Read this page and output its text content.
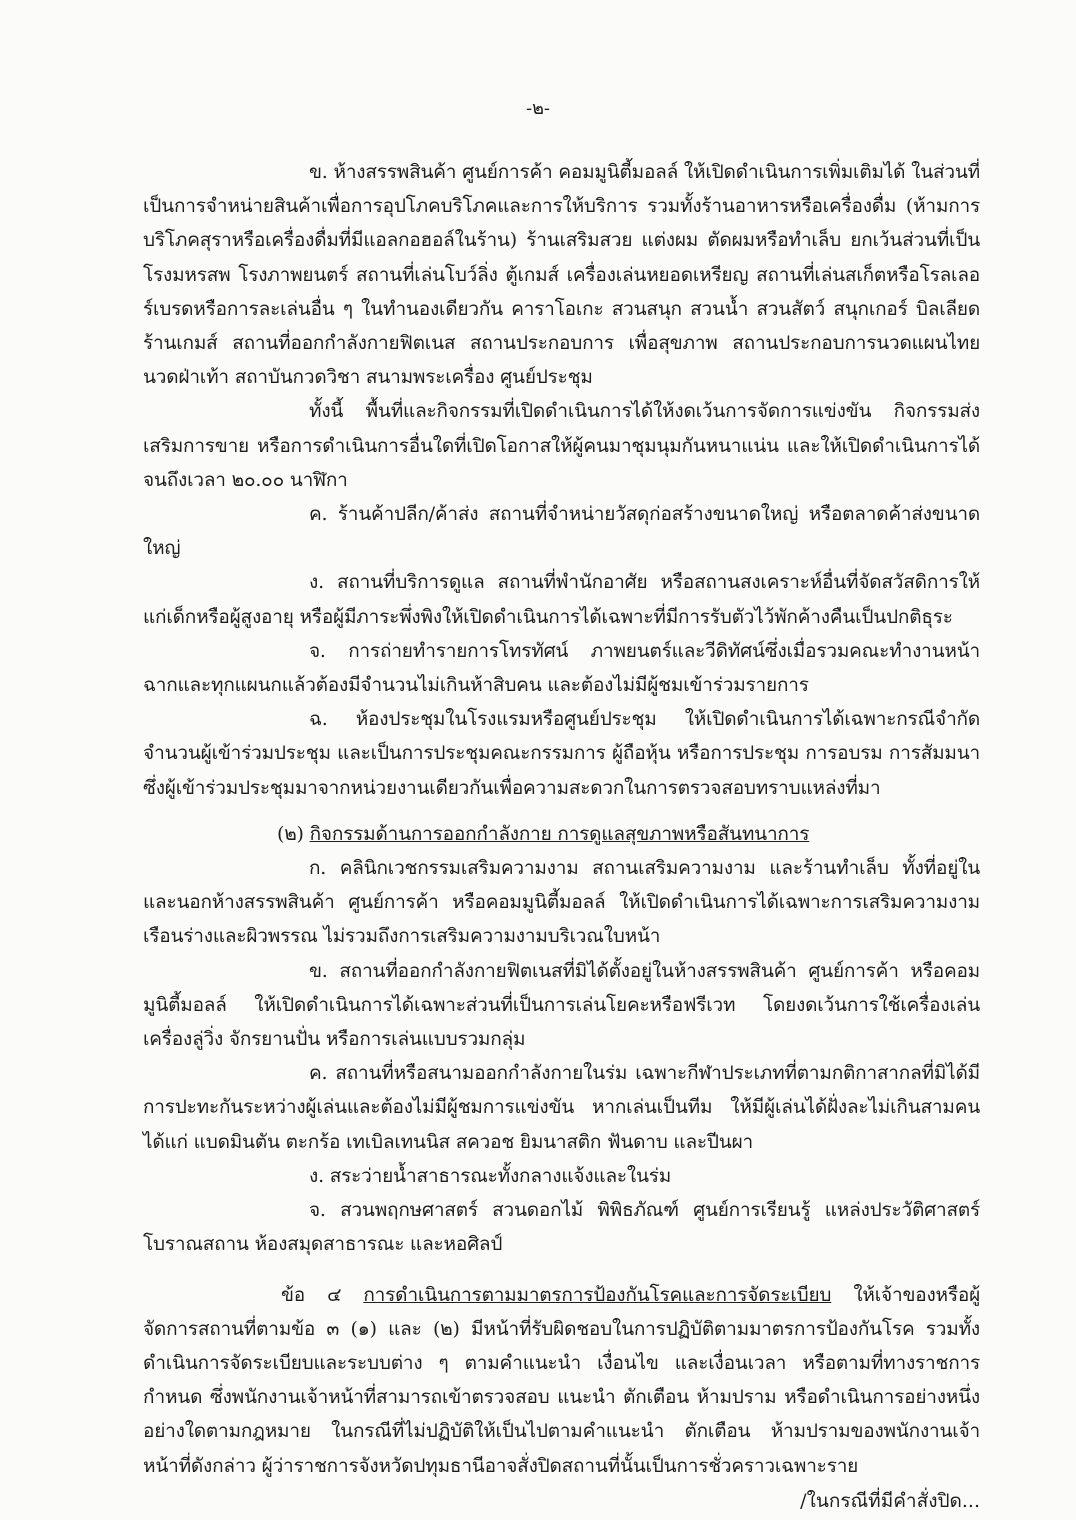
-๒-

ข. ห้างสรรพสินค้า ศูนย์การค้า คอมมูนิตี้มอลล์ ให้เปิดดำเนินการเพิ่มเติมได้ ในส่วนที่เป็นการจำหน่ายสินค้าเพื่อการอุปโภคบริโภคและการให้บริการ รวมทั้งร้านอาหารหรือเครื่องดื่ม (ห้ามการบริโภคสุราหรือเครื่องดื่มที่มีแอลกอฮอล์ในร้าน) ร้านเสริมสวย แต่งผม ตัดผมหรือทำเล็บ ยกเว้นส่วนที่เป็นโรงมหรสพ โรงภาพยนตร์ สถานที่เล่นโบว์ลิ่ง ตู้เกมส์ เครื่องเล่นหยอดเหรียญ สถานที่เล่นสเก็ตหรือโรลเลอร์เบรดหรือการละเล่นอื่น ๆ ในทำนองเดียวกัน คาราโอเกะ สวนสนุก สวนน้ำ สวนสัตว์ สนุกเกอร์ บิลเลียด ร้านเกมส์ สถานที่ออกกำลังกายฟิตเนส สถานประกอบการ เพื่อสุขภาพ สถานประกอบการนวดแผนไทย นวดฝ่าเท้า สถาบันกวดวิชา สนามพระเครื่อง ศูนย์ประชุม

ทั้งนี้ พื้นที่และกิจกรรมที่เปิดดำเนินการได้ให้งดเว้นการจัดการแข่งขัน กิจกรรมส่งเสริมการขาย หรือการดำเนินการอื่นใดที่เปิดโอกาสให้ผู้คนมาชุมนุมกันหนาแน่น และให้เปิดดำเนินการได้จนถึงเวลา ๒๐.๐๐ นาฬิกา

ค. ร้านค้าปลีก/ค้าส่ง สถานที่จำหน่ายวัสดุก่อสร้างขนาดใหญ่ หรือตลาดค้าส่งขนาดใหญ่

ง. สถานที่บริการดูแล สถานที่พำนักอาศัย หรือสถานสงเคราะห์อื่นที่จัดสวัสดิการให้แก่เด็กหรือผู้สูงอายุ หรือผู้มีภาระพึ่งพิงให้เปิดดำเนินการได้เฉพาะที่มีการรับตัวไว้พักค้างคืนเป็นปกติธุระ

จ. การถ่ายทำรายการโทรทัศน์ ภาพยนตร์และวีดิทัศน์ซึ่งเมื่อรวมคณะทำงานหน้าฉากและทุกแผนกแล้วต้องมีจำนวนไม่เกินห้าสิบคน และต้องไม่มีผู้ชมเข้าร่วมรายการ

ฉ. ห้องประชุมในโรงแรมหรือศูนย์ประชุม ให้เปิดดำเนินการได้เฉพาะกรณีจำกัดจำนวนผู้เข้าร่วมประชุม และเป็นการประชุมคณะกรรมการ ผู้ถือหุ้น หรือการประชุม การอบรม การสัมมนา ซึ่งผู้เข้าร่วมประชุมมาจากหน่วยงานเดียวกันเพื่อความสะดวกในการตรวจสอบทราบแหล่งที่มา

(๒) กิจกรรมด้านการออกกำลังกาย การดูแลสุขภาพหรือสันทนาการ

ก. คลินิกเวชกรรมเสริมความงาม สถานเสริมความงาม และร้านทำเล็บ ทั้งที่อยู่ในและนอกห้างสรรพสินค้า ศูนย์การค้า หรือคอมมูนิตี้มอลล์ ให้เปิดดำเนินการได้เฉพาะการเสริมความงามเรือนร่างและผิวพรรณ ไม่รวมถึงการเสริมความงามบริเวณใบหน้า

ข. สถานที่ออกกำลังกายฟิตเนสที่มิได้ตั้งอยู่ในห้างสรรพสินค้า ศูนย์การค้า หรือคอมมูนิตี้มอลล์ ให้เปิดดำเนินการได้เฉพาะส่วนที่เป็นการเล่นโยคะหรือฟรีเวท โดยงดเว้นการใช้เครื่องเล่น เครื่องลู่วิ่ง จักรยานปั่น หรือการเล่นแบบรวมกลุ่ม

ค. สถานที่หรือสนามออกกำลังกายในร่ม เฉพาะกีฬาประเภทที่ตามกติกาสากลที่มิได้มีการปะทะกันระหว่างผู้เล่นและต้องไม่มีผู้ชมการแข่งขัน หากเล่นเป็นทีม ให้มีผู้เล่นได้ฝั่งละไม่เกินสามคน ได้แก่ แบดมินตัน ตะกร้อ เทเบิลเทนนิส สควอช ยิมนาสติก ฟันดาบ และปีนผา

ง. สระว่ายน้ำสาธารณะทั้งกลางแจ้งและในร่ม

จ. สวนพฤกษศาสตร์ สวนดอกไม้ พิพิธภัณฑ์ ศูนย์การเรียนรู้ แหล่งประวัติศาสตร์ โบราณสถาน ห้องสมุดสาธารณะ และหอศิลป์

ข้อ ๔ การดำเนินการตามมาตรการป้องกันโรคและการจัดระเบียบ ให้เจ้าของหรือผู้จัดการสถานที่ตามข้อ ๓ (๑) และ (๒) มีหน้าที่รับผิดชอบในการปฏิบัติตามมาตรการป้องกันโรค รวมทั้งดำเนินการจัดระเบียบและระบบต่าง ๆ ตามคำแนะนำ เงื่อนไข และเงื่อนเวลา หรือตามที่ทางราชการกำหนด ซึ่งพนักงานเจ้าหน้าที่สามารถเข้าตรวจสอบ แนะนำ ตักเตือน ห้ามปราม หรือดำเนินการอย่างหนึ่งอย่างใดตามกฎหมาย ในกรณีที่ไม่ปฏิบัติให้เป็นไปตามคำแนะนำ ตักเตือน ห้ามปรามของพนักงานเจ้าหน้าที่ดังกล่าว ผู้ว่าราชการจังหวัดปทุมธานีอาจสั่งปิดสถานที่นั้นเป็นการชั่วคราวเฉพาะราย

/ในกรณีที่มีคำสั่งปิด...
